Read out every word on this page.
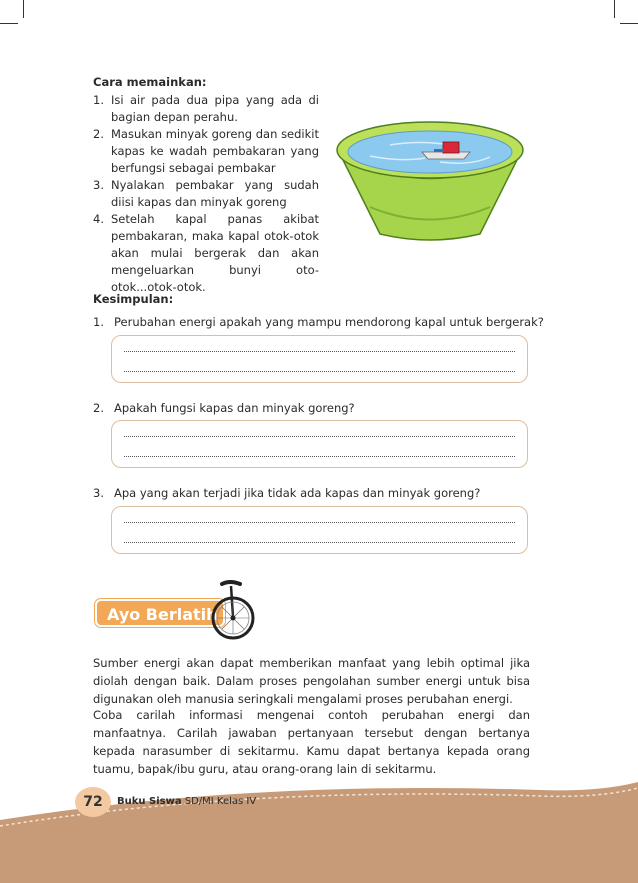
Cara memainkan:
1. Isi air pada dua pipa yang ada di bagian depan perahu.
2. Masukan minyak goreng dan sedikit kapas ke wadah pembakaran yang berfungsi sebagai pembakar
3. Nyalakan pembakar yang sudah diisi kapas dan minyak goreng
4. Setelah kapal panas akibat pembakaran, maka kapal otok-otok akan mulai bergerak dan akan mengeluarkan bunyi oto-otok...otok-otok.
Kesimpulan:
1. Perubahan energi apakah yang mampu mendorong kapal untuk bergerak?
2. Apakah fungsi kapas dan minyak goreng?
3. Apa yang akan terjadi jika tidak ada kapas dan minyak goreng?
Ayo Berlatih
Sumber energi akan dapat memberikan manfaat yang lebih optimal jika diolah dengan baik. Dalam proses pengolahan sumber energi untuk bisa digunakan oleh manusia seringkali mengalami proses perubahan energi.
Coba carilah informasi mengenai contoh perubahan energi dan manfaatnya. Carilah jawaban pertanyaan tersebut dengan bertanya kepada narasumber di sekitarmu. Kamu dapat bertanya kepada orang tuamu, bapak/ibu guru, atau orang-orang lain di sekitarmu.
72	Buku Siswa SD/MI Kelas IV
